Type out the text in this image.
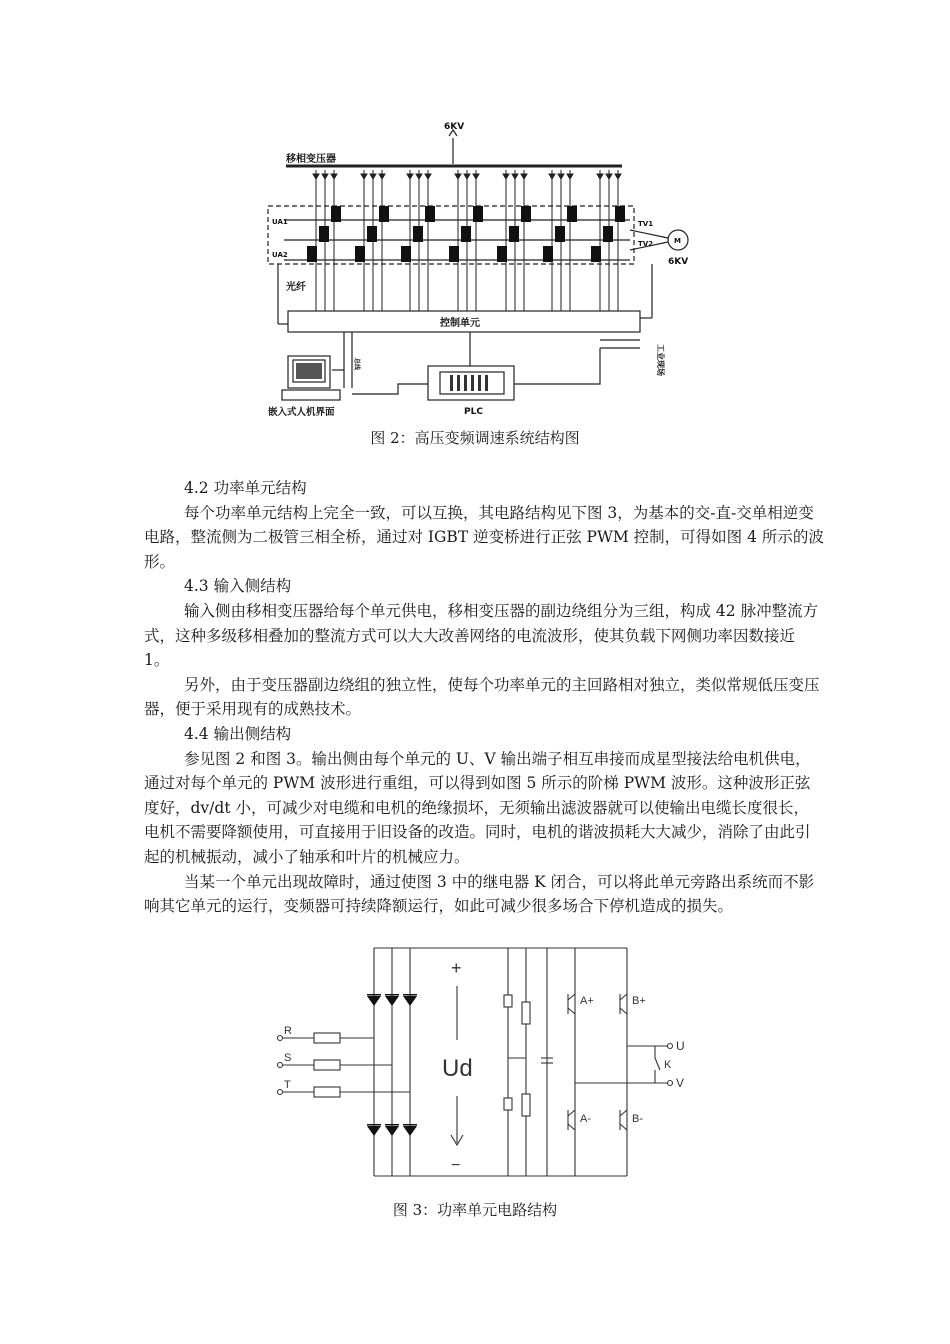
6KV
移相变压器
UA1
UA2
TV1
TV2	M
6KV
光纤
控制单元
嵌入式人机界面	PLC
工业现场
总线
图 2：高压变频调速系统结构图

4.2 功率单元结构

每个功率单元结构上完全一致，可以互换，其电路结构见下图 3，为基本的交-直-交单相逆变电路，整流侧为二极管三相全桥，通过对 IGBT 逆变桥进行正弦 PWM 控制，可得如图 4 所示的波形。

4.3 输入侧结构

输入侧由移相变压器给每个单元供电，移相变压器的副边绕组分为三组，构成 42 脉冲整流方式，这种多级移相叠加的整流方式可以大大改善网络的电流波形，使其负载下网侧功率因数接近 1。

另外，由于变压器副边绕组的独立性，使每个功率单元的主回路相对独立，类似常规低压变压器，便于采用现有的成熟技术。

4.4 输出侧结构

参见图 2 和图 3。输出侧由每个单元的 U、V 输出端子相互串接而成星型接法给电机供电，通过对每个单元的 PWM 波形进行重组，可以得到如图 5 所示的阶梯 PWM 波形。这种波形正弦度好，dv/dt 小，可减少对电缆和电机的绝缘损坏，无须输出滤波器就可以使输出电缆长度很长，电机不需要降额使用，可直接用于旧设备的改造。同时，电机的谐波损耗大大减少，消除了由此引起的机械振动，减小了轴承和叶片的机械应力。

当某一个单元出现故障时，通过使图 3 中的继电器 K 闭合，可以将此单元旁路出系统而不影响其它单元的运行，变频器可持续降额运行，如此可减少很多场合下停机造成的损失。

R
S
T
+
Ud
−
A+	B+
A-	B-
U
V
K
图 3：功率单元电路结构
